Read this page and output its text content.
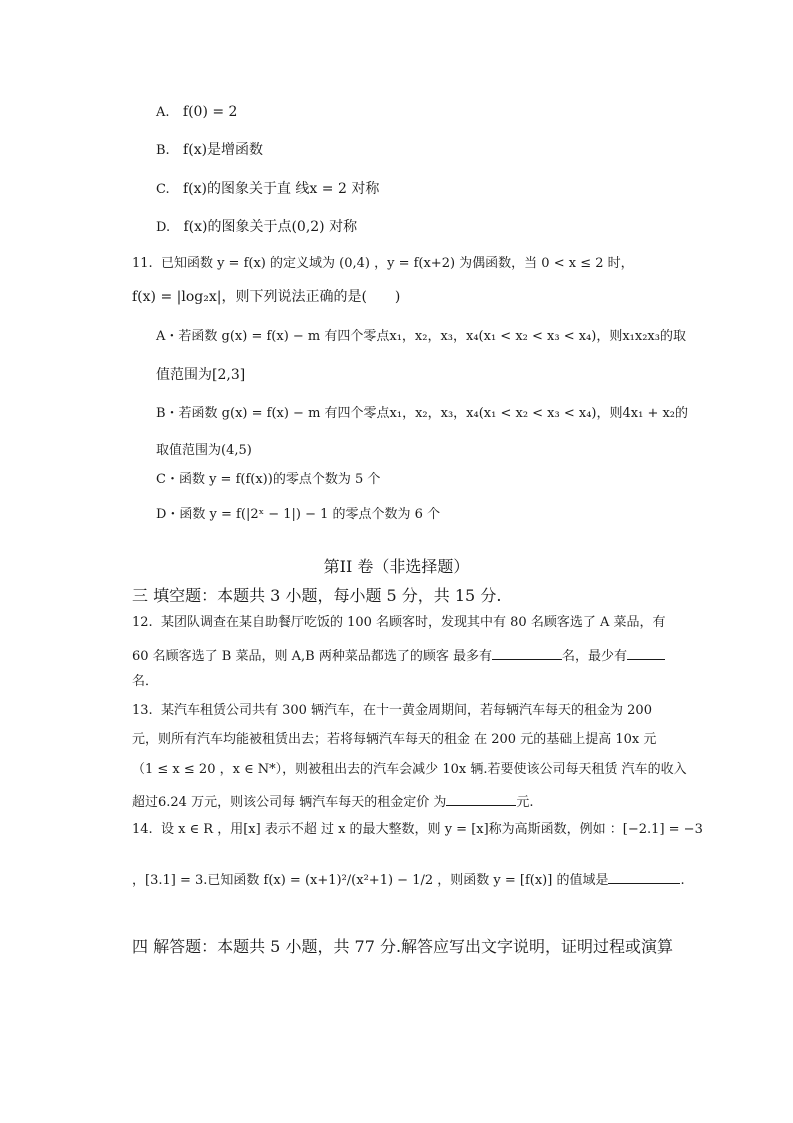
A. f(0) = 2
B. f(x)是增函数
C. f(x)的图象关于直 线x = 2 对称
D. f(x)的图象关于点(0,2) 对称
11. 已知函数 y = f(x) 的定义域为 (0,4) ，y = f(x+2) 为偶函数，当 0 < x ≤ 2 时，
f(x) = |log₂x|，则下列说法正确的是(　　)
A・若函数 g(x) = f(x) − m 有四个零点x₁，x₂，x₃，x₄(x₁ < x₂ < x₃ < x₄)，则x₁x₂x₃的取
值范围为[2,3]
B・若函数 g(x) = f(x) − m 有四个零点x₁，x₂，x₃，x₄(x₁ < x₂ < x₃ < x₄)，则4x₁ + x₂的
取值范围为(4,5)
C・函数 y = f(f(x))的零点个数为 5 个
D・函数 y = f(|2ˣ − 1|) − 1 的零点个数为 6 个
第II 卷（非选择题）
三 填空题：本题共 3 小题，每小题 5 分，共 15 分.
12. 某团队调查在某自助餐厅吃饭的 100 名顾客时，发现其中有 80 名顾客选了 A 菜品，有
60 名顾客选了 B 菜品，则 A,B 两种菜品都选了的顾客 最多有	名，最少有
名．
13. 某汽车租赁公司共有 300 辆汽车，在十一黄金周期间，若每辆汽车每天的租金为 200
元，则所有汽车均能被租赁出去；若将每辆汽车每天的租金 在 200 元的基础上提高 10x 元
（1 ≤ x ≤ 20 ，x ∈ N*），则被租出去的汽车会减少 10x 辆.若要使该公司每天租赁 汽车的收入
超过6.24 万元，则该公司每 辆汽车每天的租金定价 为	元.
14. 设 x ∈ R ，用[x] 表示不超 过 x 的最大整数，则 y = [x]称为高斯函数，例如 ：[−2.1] = −3
，[3.1] = 3.已知函数 f(x) = (x+1)²/(x²+1) − 1/2 ，则函数 y = [f(x)] 的值域是	.
四 解答题：本题共 5 小题，共 77 分.解答应写出文字说明，证明过程或演算
